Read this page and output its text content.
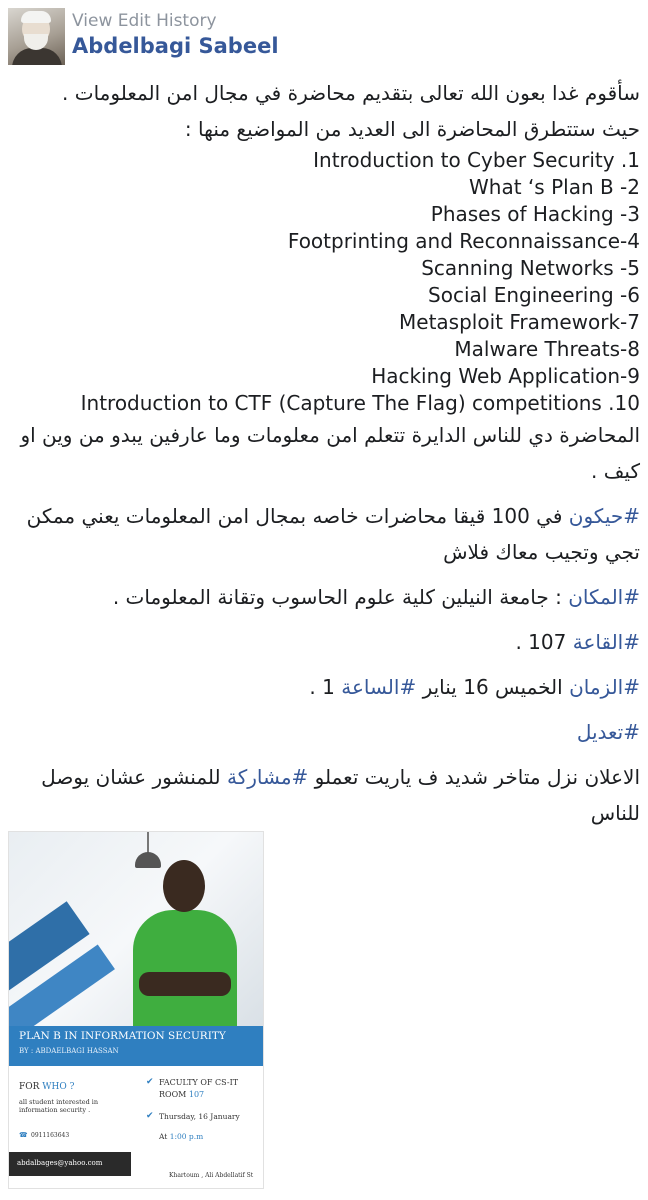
View Edit History
Abdelbagi Sabeel
سأقوم غدا بعون الله تعالى بتقديم محاضرة في مجال امن المعلومات .
حيث ستتطرق المحاضرة الى العديد من المواضيع منها :
Introduction to Cyber Security .1
What ‘s Plan B -2
Phases of Hacking -3
Footprinting and Reconnaissance-4
Scanning Networks -5
Social Engineering -6
Metasploit Framework-7
Malware Threats-8
Hacking Web Application-9
Introduction to CTF (Capture The Flag) competitions .10
المحاضرة دي للناس الدايرة تتعلم امن معلومات وما عارفين يبدو من وين او كيف .
#حيكون في 100 قيقا محاضرات خاصه بمجال امن المعلومات يعني ممكن تجي وتجيب معاك فلاش
#المكان : جامعة النيلين كلية علوم الحاسوب وتقانة المعلومات .
#القاعة 107 .
#الزمان الخميس 16 يناير #الساعة 1 .
#تعديل
الاعلان نزل متاخر شديد ف ياريت تعملو #مشاركة للمنشور عشان يوصل للناس
PLAN B IN INFORMATION SECURITY
BY : ABDAELBAGI HASSAN
FOR WHO ?
all student interested in information security .
☎ 0911163643
abdalbages@yahoo.com
✔ FACULTY OF CS-IT
ROOM 107
✔ Thursday, 16 January
At 1:00 p.m
Khartoum , Ali Abdellatif St
